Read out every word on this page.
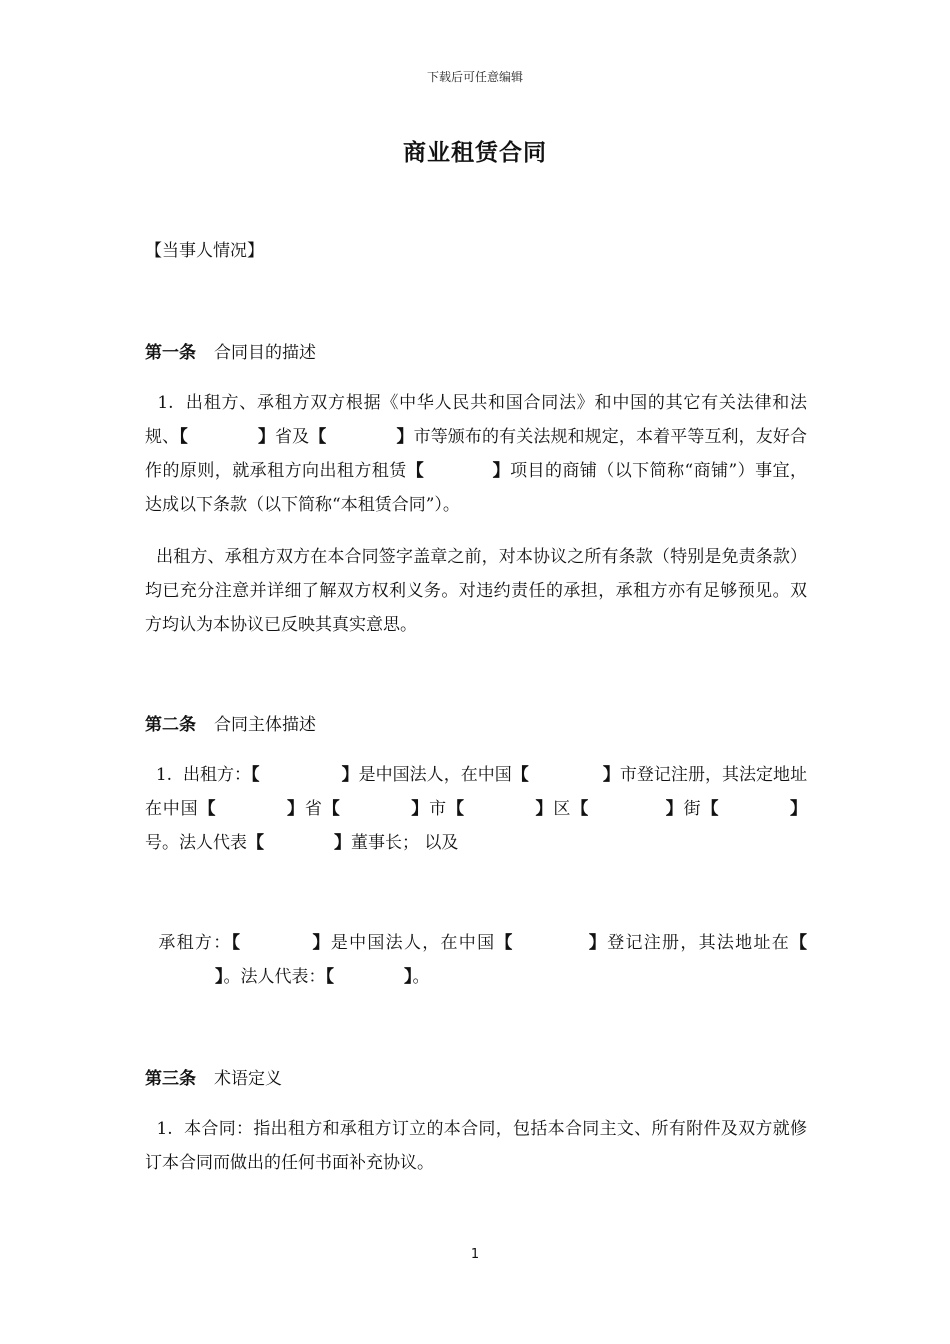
下载后可任意编辑
商业租赁合同

【当事人情况】

第一条 合同目的描述

1. 出租方、承租方双方根据《中华人民共和国合同法》和中国的其它有关法律和法规、【	】省及【	】市等颁布的有关法规和规定，本着平等互利，友好合作的原则，就承租方向出租方租赁【	】项目的商铺（以下简称“商铺”）事宜，达成以下条款（以下简称“本租赁合同”）。

出租方、承租方双方在本合同签字盖章之前，对本协议之所有条款（特别是免责条款）均已充分注意并详细了解双方权利义务。对违约责任的承担，承租方亦有足够预见。双方均认为本协议已反映其真实意思。

第二条 合同主体描述

1. 出租方：【	】是中国法人，在中国【	】市登记注册，其法定地址在中国【	】省【	】市【	】区【	】街【	】号。法人代表【	】董事长； 以及

承租方：【	】是中国法人，在中国【	】登记注册，其法地址在【】。法人代表：【	】。

第三条 术语定义

1. 本合同：指出租方和承租方订立的本合同，包括本合同主文、所有附件及双方就修订本合同而做出的任何书面补充协议。

1
